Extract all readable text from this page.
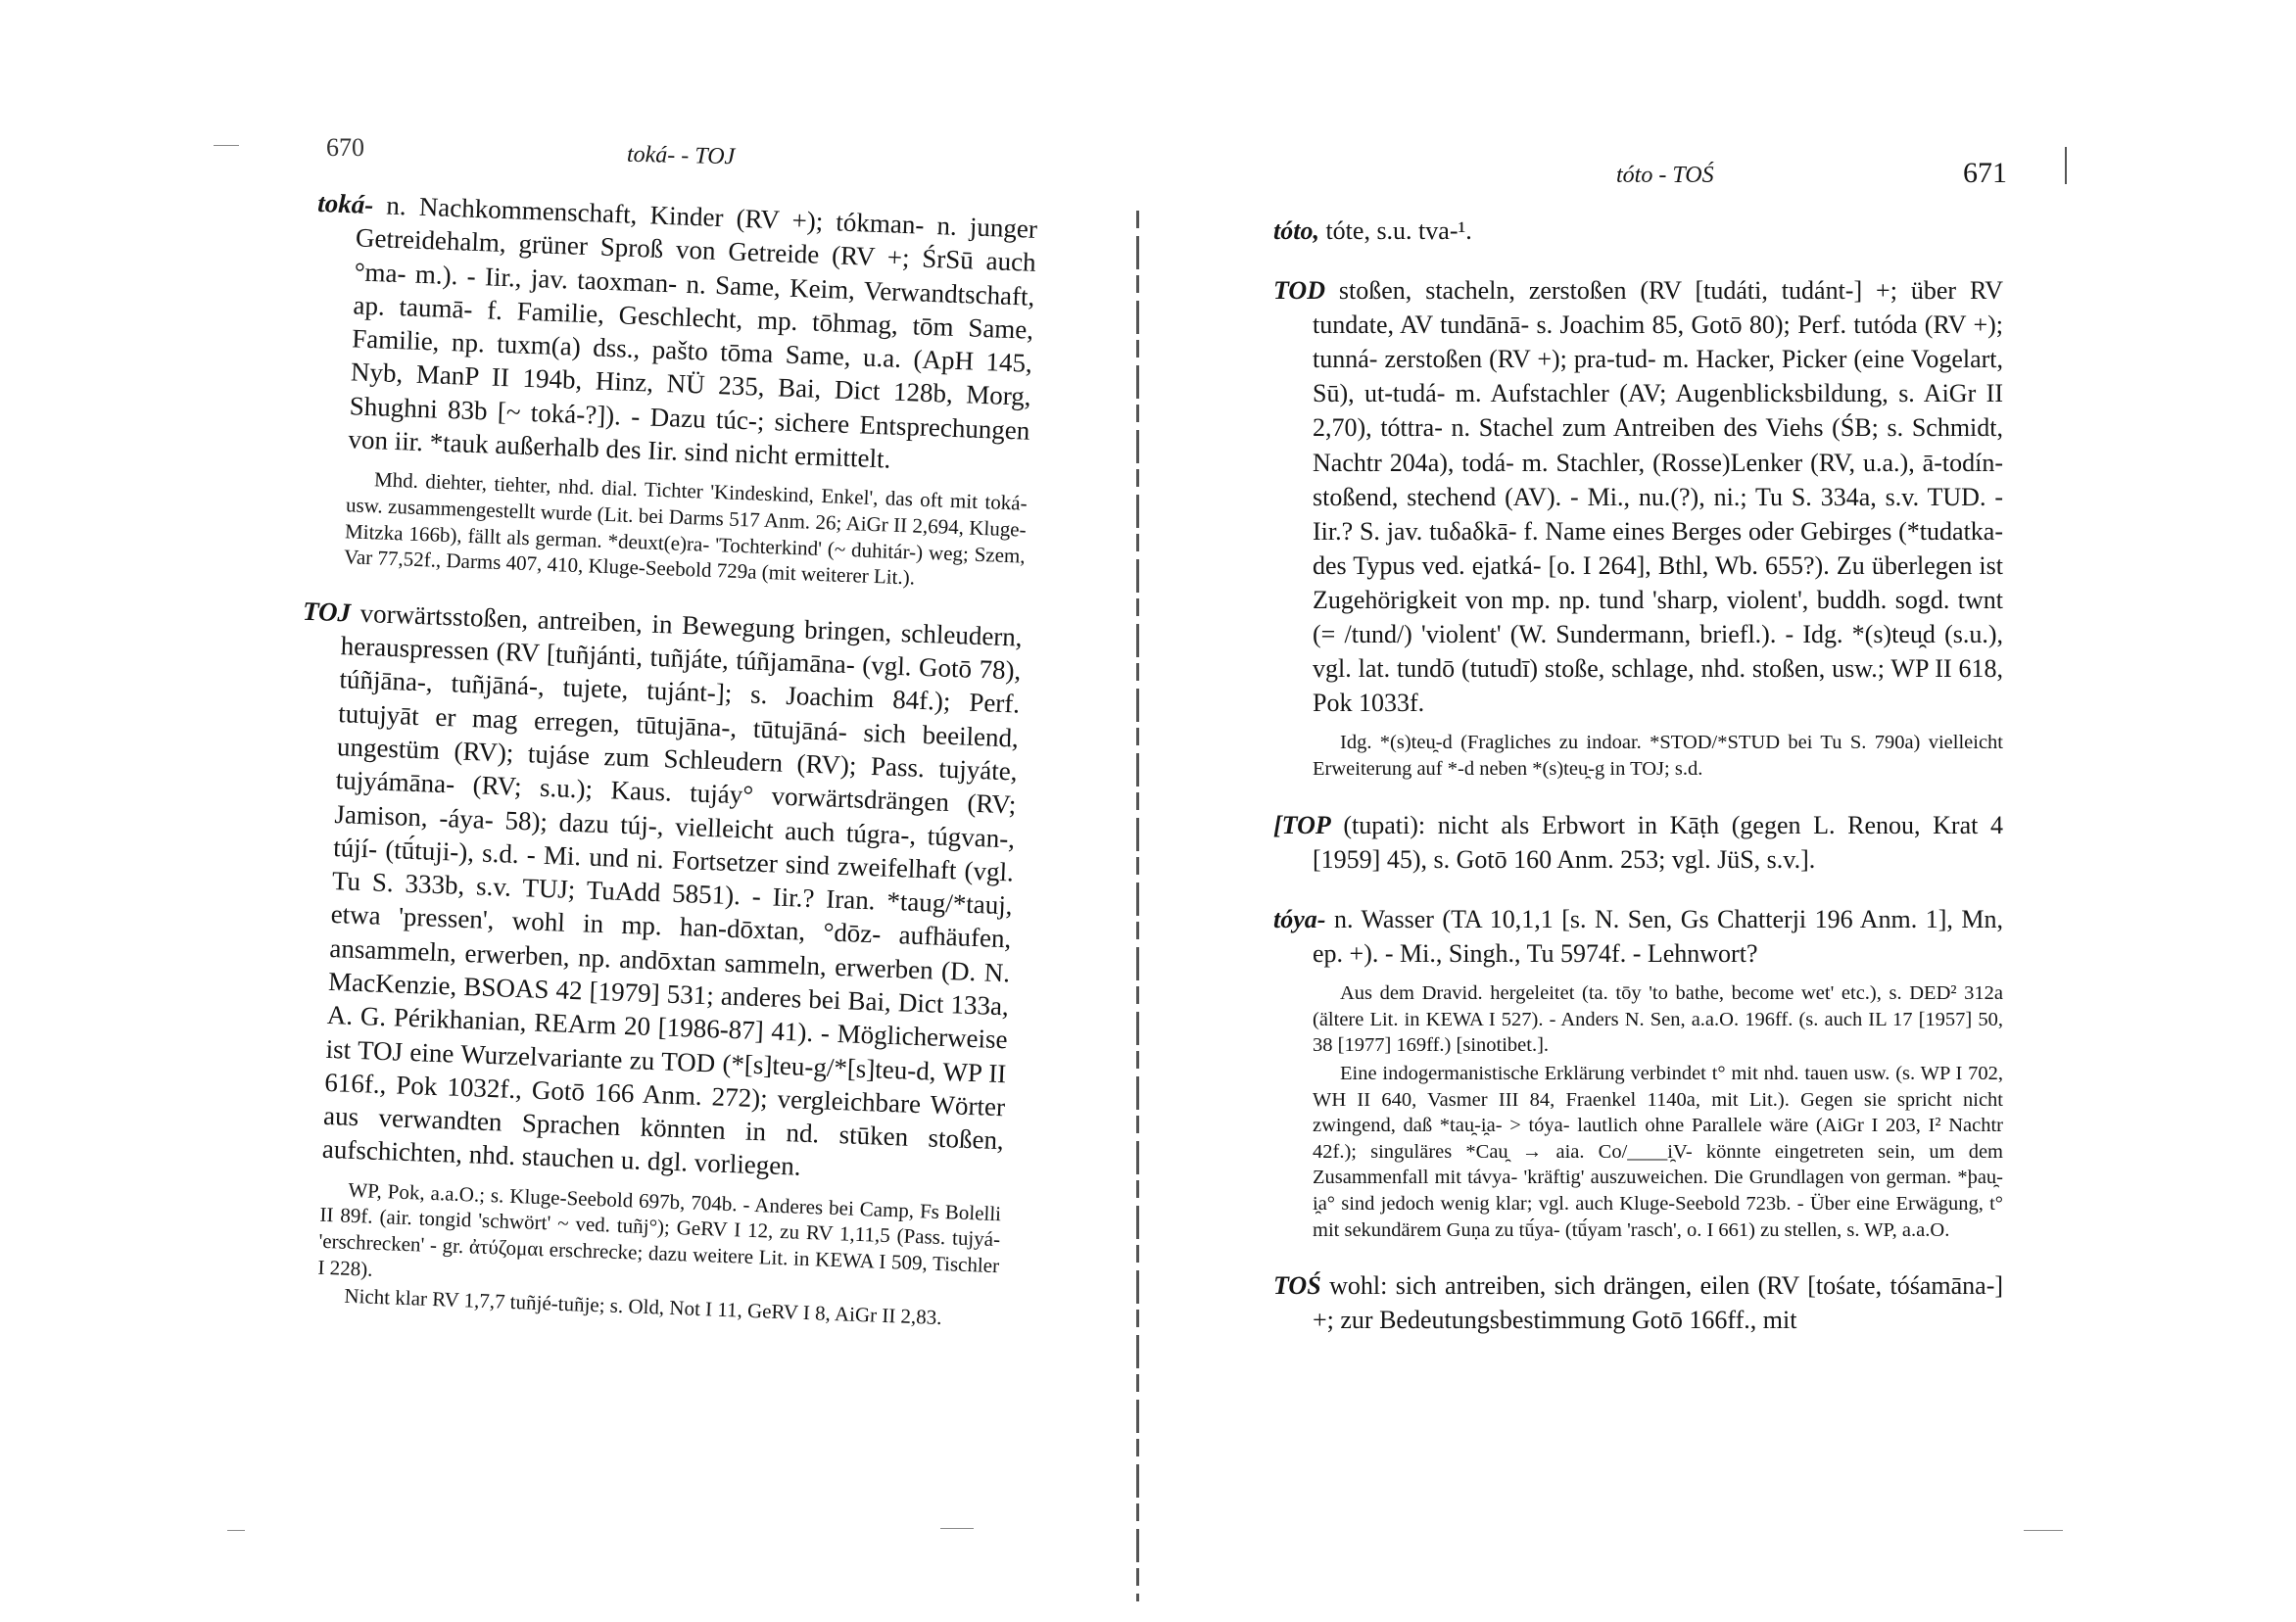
670	toká- - TOJ

toká- n. Nachkommenschaft, Kinder (RV +); tókman- n. junger Getreidehalm, grüner Sproß von Getreide (RV +; ŚrSū auch °ma- m.). - Iir., jav. taoxman- n. Same, Keim, Verwandtschaft, ap. taumā- f. Familie, Geschlecht, mp. tōhmag, tōm Same, Familie, np. tuxm(a) dss., pašto tōma Same, u.a. (ApH 145, Nyb, ManP II 194b, Hinz, NÜ 235, Bai, Dict 128b, Morg, Shughni 83b [~ toká-?]). - Dazu túc-; sichere Entsprechungen von iir. *tauk außerhalb des Iir. sind nicht ermittelt.

Mhd. diehter, tiehter, nhd. dial. Tichter 'Kindeskind, Enkel', das oft mit toká- usw. zusammengestellt wurde (Lit. bei Darms 517 Anm. 26; AiGr II 2,694, Kluge-Mitzka 166b), fällt als german. *deuxt(e)ra- 'Tochterkind' (~ duhitár-) weg; Szem, Var 77,52f., Darms 407, 410, Kluge-Seebold 729a (mit weiterer Lit.).

TOJ vorwärtsstoßen, antreiben, in Bewegung bringen, schleudern, herauspressen (RV [tuñjánti, tuñjáte, túñjamāna- (vgl. Gotō 78), túñjāna-, tuñjāná-, tujete, tujánt-]; s. Joachim 84f.); Perf. tutujyāt er mag erregen, tūtujāna-, tūtujāná- sich beeilend, ungestüm (RV); tujáse zum Schleudern (RV); Pass. tujyáte, tujyámāna- (RV; s.u.); Kaus. tujáy° vorwärtsdrängen (RV; Jamison, -áya- 58); dazu túj-, vielleicht auch túgra-, túgvan-, tújí- (tū́tuji-), s.d. - Mi. und ni. Fortsetzer sind zweifelhaft (vgl. Tu S. 333b, s.v. TUJ; TuAdd 5851). - Iir.? Iran. *taug/*tauj, etwa 'pressen', wohl in mp. han-dōxtan, °dōz- aufhäufen, ansammeln, erwerben, np. andōxtan sammeln, erwerben (D. N. MacKenzie, BSOAS 42 [1979] 531; anderes bei Bai, Dict 133a, A. G. Périkhanian, REArm 20 [1986-87] 41). - Möglicherweise ist TOJ eine Wurzelvariante zu TOD (*[s]teu-g/*[s]teu-d, WP II 616f., Pok 1032f., Gotō 166 Anm. 272); vergleichbare Wörter aus verwandten Sprachen könnten in nd. stūken stoßen, aufschichten, nhd. stauchen u. dgl. vorliegen.

WP, Pok, a.a.O.; s. Kluge-Seebold 697b, 704b. - Anderes bei Camp, Fs Bolelli II 89f. (air. tongid 'schwört' ~ ved. tuñj°); GeRV I 12, zu RV 1,11,5 (Pass. tujyá- 'erschrecken' - gr. ἀτύζομαι erschrecke; dazu weitere Lit. in KEWA I 509, Tischler I 228).

Nicht klar RV 1,7,7 tuñjé-tuñje; s. Old, Not I 11, GeRV I 8, AiGr II 2,83.

tóto - TOŚ	671

tóto, tóte, s.u. tva-¹.

TOD stoßen, stacheln, zerstoßen (RV [tudáti, tudánt-] +; über RV tundate, AV tundānā- s. Joachim 85, Gotō 80); Perf. tutóda (RV +); tunná- zerstoßen (RV +); pra-tud- m. Hacker, Picker (eine Vogelart, Sū), ut-tudá- m. Aufstachler (AV; Augenblicksbildung, s. AiGr II 2,70), tóttra- n. Stachel zum Antreiben des Viehs (ŚB; s. Schmidt, Nachtr 204a), todá- m. Stachler, (Rosse)Lenker (RV, u.a.), ā-todín- stoßend, stechend (AV). - Mi., nu.(?), ni.; Tu S. 334a, s.v. TUD. - Iir.? S. jav. tuδaδkā- f. Name eines Berges oder Gebirges (*tudatka- des Typus ved. ejatká- [o. I 264], Bthl, Wb. 655?). Zu überlegen ist Zugehörigkeit von mp. np. tund 'sharp, violent', buddh. sogd. twnt (= /tund/) 'violent' (W. Sundermann, briefl.). - Idg. *(s)teu̯d (s.u.), vgl. lat. tundō (tutudī) stoße, schlage, nhd. stoßen, usw.; WP II 618, Pok 1033f.

Idg. *(s)teu̯-d (Fragliches zu indoar. *STOD/*STUD bei Tu S. 790a) vielleicht Erweiterung auf *-d neben *(s)teu̯-g in TOJ; s.d.

[TOP (tupati): nicht als Erbwort in Kāṭh (gegen L. Renou, Krat 4 [1959] 45), s. Gotō 160 Anm. 253; vgl. JüS, s.v.].

tóya- n. Wasser (TA 10,1,1 [s. N. Sen, Gs Chatterji 196 Anm. 1], Mn, ep. +). - Mi., Singh., Tu 5974f. - Lehnwort?

Aus dem Dravid. hergeleitet (ta. tōy 'to bathe, become wet' etc.), s. DED² 312a (ältere Lit. in KEWA I 527). - Anders N. Sen, a.a.O. 196ff. (s. auch IL 17 [1957] 50, 38 [1977] 169ff.) [sinotibet.].

Eine indogermanistische Erklärung verbindet t° mit nhd. tauen usw. (s. WP I 702, WH II 640, Vasmer III 84, Fraenkel 1140a, mit Lit.). Gegen sie spricht nicht zwingend, daß *tau̯-i̯a- > tóya- lautlich ohne Parallele wäre (AiGr I 203, I² Nachtr 42f.); singuläres *Cau̯ → aia. Co/____i̯V- könnte eingetreten sein, um dem Zusammenfall mit távya- 'kräftig' auszuweichen. Die Grundlagen von german. *þau̯-i̯a° sind jedoch wenig klar; vgl. auch Kluge-Seebold 723b. - Über eine Erwägung, t° mit sekundärem Guṇa zu tū́ya- (tū́yam 'rasch', o. I 661) zu stellen, s. WP, a.a.O.

TOŚ wohl: sich antreiben, sich drängen, eilen (RV [tośate, tóśamāna-] +; zur Bedeutungsbestimmung Gotō 166ff., mit
